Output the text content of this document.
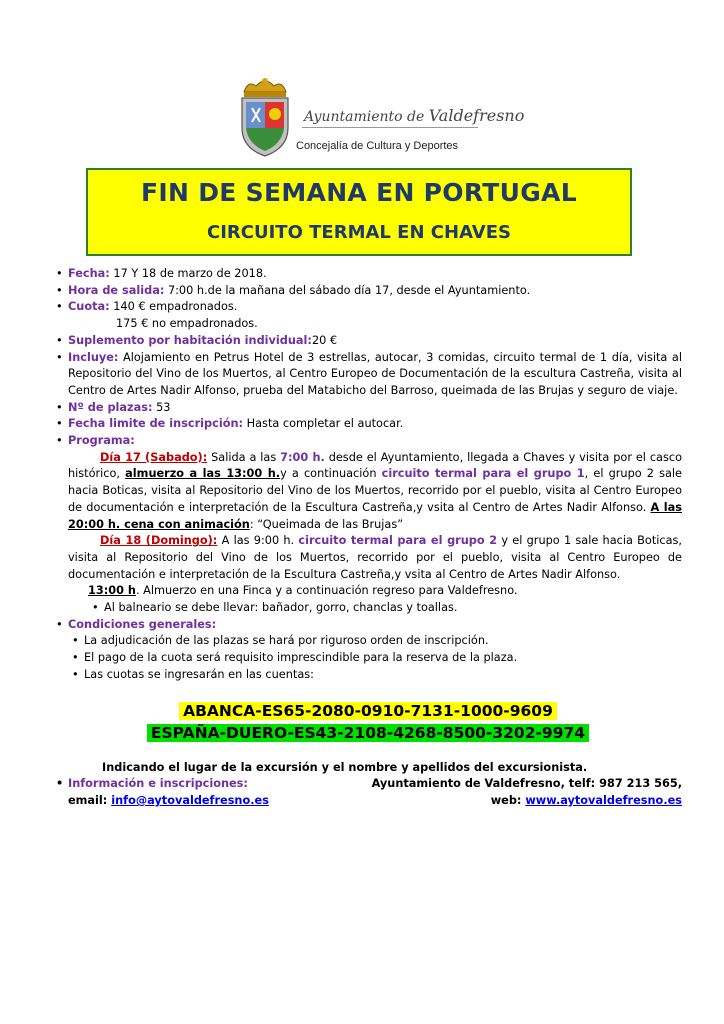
Ayuntamiento de Valdefresno
Concejalía de Cultura y Deportes
FIN DE SEMANA EN PORTUGAL
CIRCUITO TERMAL EN CHAVES
• Fecha: 17 Y 18 de marzo de 2018.
• Hora de salida: 7:00 h.de la mañana del sábado día 17, desde el Ayuntamiento.
• Cuota: 140 € empadronados.
175 € no empadronados.
• Suplemento por habitación individual:20 €
• Incluye: Alojamiento en Petrus Hotel de 3 estrellas, autocar, 3 comidas, circuito termal de 1 día, visita al Repositorio del Vino de los Muertos, al Centro Europeo de Documentación de la escultura Castreña, visita al Centro de Artes Nadir Alfonso, prueba del Matabicho del Barroso, queimada de las Brujas y seguro de viaje.
• Nº de plazas: 53
• Fecha limite de inscripción: Hasta completar el autocar.
• Programa:
Día 17 (Sabado): Salida a las 7:00 h. desde el Ayuntamiento, llegada a Chaves y visita por el casco histórico, almuerzo a las 13:00 h.y a continuación circuito termal para el grupo 1, el grupo 2 sale hacia Boticas, visita al Repositorio del Vino de los Muertos, recorrido por el pueblo, visita al Centro Europeo de documentación e interpretación de la Escultura Castreña,y vsita al Centro de Artes Nadir Alfonso. A las 20:00 h. cena con animación: “Queimada de las Brujas”
Día 18 (Domingo): A las 9:00 h. circuito termal para el grupo 2 y el grupo 1 sale hacia Boticas, visita al Repositorio del Vino de los Muertos, recorrido por el pueblo, visita al Centro Europeo de documentación e interpretación de la Escultura Castreña,y vsita al Centro de Artes Nadir Alfonso.
13:00 h. Almuerzo en una Finca y a continuación regreso para Valdefresno.
• Al balneario se debe llevar: bañador, gorro, chanclas y toallas.
• Condiciones generales:
• La adjudicación de las plazas se hará por riguroso orden de inscripción.
• El pago de la cuota será requisito imprescindible para la reserva de la plaza.
• Las cuotas se ingresarán en las cuentas:
ABANCA-ES65-2080-0910-7131-1000-9609
ESPAÑA-DUERO-ES43-2108-4268-8500-3202-9974
Indicando el lugar de la excursión y el nombre y apellidos del excursionista.
• Información e inscripciones:	Ayuntamiento de Valdefresno, telf: 987 213 565,
email: info@aytovaldefresno.es	web: www.aytovaldefresno.es
